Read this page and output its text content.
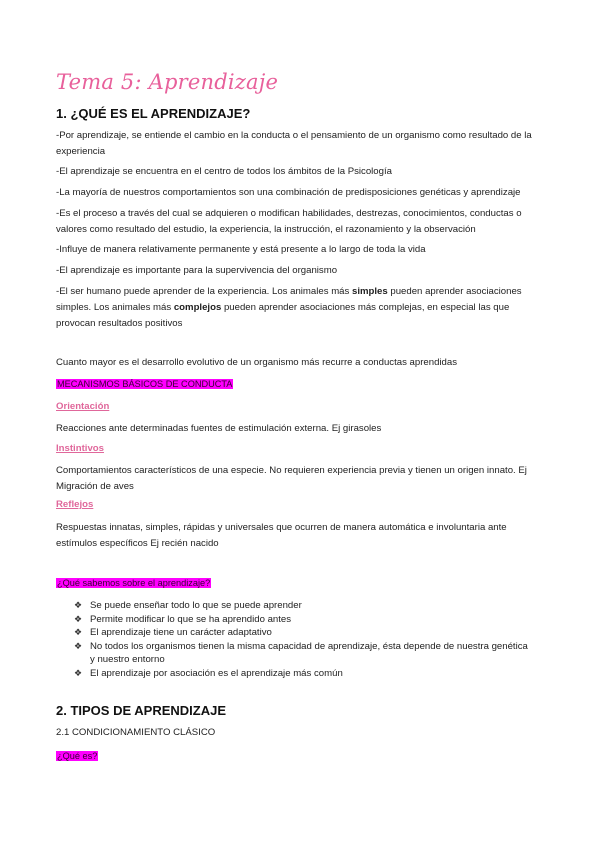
Tema 5: Aprendizaje
1. ¿QUÉ ES EL APRENDIZAJE?
-Por aprendizaje, se entiende el cambio en la conducta o el pensamiento de un organismo como resultado de la experiencia
-El aprendizaje se encuentra en el centro de todos los ámbitos de la Psicología
-La mayoría de nuestros comportamientos son una combinación de predisposiciones genéticas y aprendizaje
-Es el proceso a través del cual se adquieren o modifican habilidades, destrezas, conocimientos, conductas o valores como resultado del estudio, la experiencia, la instrucción, el razonamiento y la observación
-Influye de manera relativamente permanente y está presente a lo largo de toda la vida
-El aprendizaje es importante para la supervivencia del organismo
-El ser humano puede aprender de la experiencia. Los animales más simples pueden aprender asociaciones simples. Los animales más complejos pueden aprender asociaciones más complejas, en especial las que provocan resultados positivos
Cuanto mayor es el desarrollo evolutivo de un organismo más recurre a conductas aprendidas
MECANISMOS BÁSICOS DE CONDUCTA
Orientación
Reacciones ante determinadas fuentes de estimulación externa. Ej girasoles
Instintivos
Comportamientos característicos de una especie. No requieren experiencia previa y tienen un origen innato. Ej Migración de aves
Reflejos
Respuestas innatas, simples, rápidas y universales que ocurren de manera automática e involuntaria ante estímulos específicos Ej recién nacido
¿Qué sabemos sobre el aprendizaje?
❖ Se puede enseñar todo lo que se puede aprender
❖ Permite modificar lo que se ha aprendido antes
❖ El aprendizaje tiene un carácter adaptativo
❖ No todos los organismos tienen la misma capacidad de aprendizaje, ésta depende de nuestra genética y nuestro entorno
❖ El aprendizaje por asociación es el aprendizaje más común
2. TIPOS DE APRENDIZAJE
2.1 CONDICIONAMIENTO CLÁSICO
¿Qué es?
